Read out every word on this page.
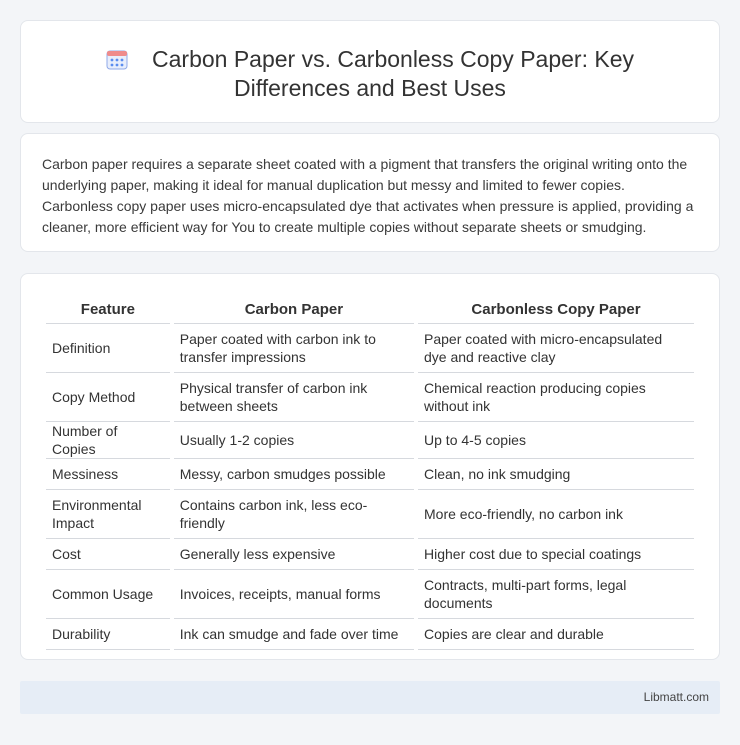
Carbon Paper vs. Carbonless Copy Paper: Key Differences and Best Uses

Carbon paper requires a separate sheet coated with a pigment that transfers the original writing onto the underlying paper, making it ideal for manual duplication but messy and limited to fewer copies. Carbonless copy paper uses micro-encapsulated dye that activates when pressure is applied, providing a cleaner, more efficient way for You to create multiple copies without separate sheets or smudging.

Feature	Carbon Paper	Carbonless Copy Paper
Definition	Paper coated with carbon ink to transfer impressions	Paper coated with micro-encapsulated dye and reactive clay
Copy Method	Physical transfer of carbon ink between sheets	Chemical reaction producing copies without ink
Number of Copies	Usually 1-2 copies	Up to 4-5 copies
Messiness	Messy, carbon smudges possible	Clean, no ink smudging
Environmental Impact	Contains carbon ink, less eco-friendly	More eco-friendly, no carbon ink
Cost	Generally less expensive	Higher cost due to special coatings
Common Usage	Invoices, receipts, manual forms	Contracts, multi-part forms, legal documents
Durability	Ink can smudge and fade over time	Copies are clear and durable
Libmatt.com
